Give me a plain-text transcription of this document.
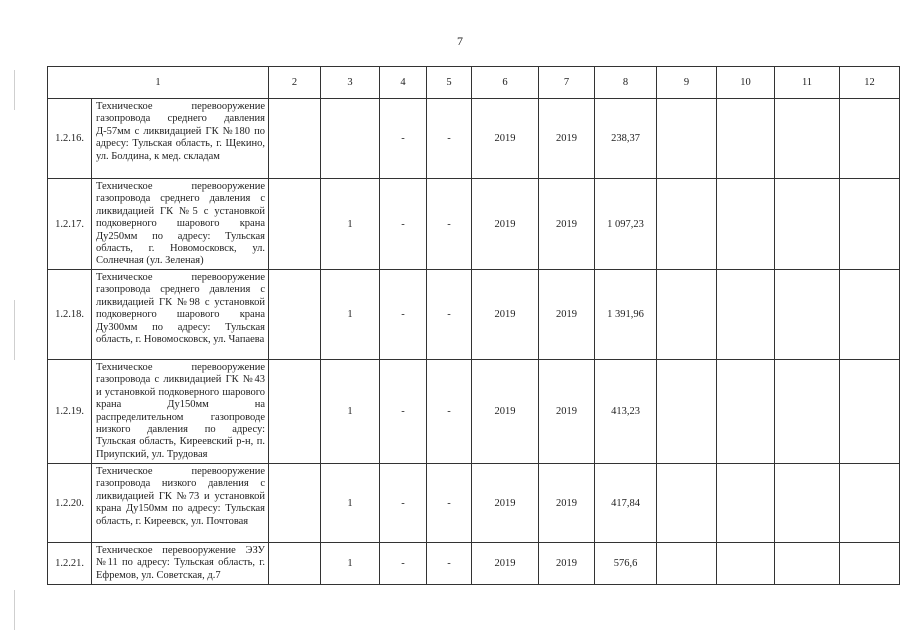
7
1		2	3	4	5	6	7	8	9	10	11	12
1.2.16.	Техническое перевооружение газопровода среднего давления Д-57мм с ликвидацией ГК №180 по адресу: Тульская область, г. Щекино, ул. Болдина, к мед. складам			-	-	2019	2019	238,37				
1.2.17.	Техническое перевооружение газопровода среднего давления с ликвидацией ГК №5 с установкой подковерного шарового крана Ду250мм по адресу: Тульская область, г. Новомосковск, ул. Солнечная (ул. Зеленая)		1	-	-	2019	2019	1 097,23				
1.2.18.	Техническое перевооружение газопровода среднего давления с ликвидацией ГК №98 с установкой подковерного шарового крана Ду300мм по адресу: Тульская область, г. Новомосковск, ул. Чапаева		1	-	-	2019	2019	1 391,96				
1.2.19.	Техническое перевооружение газопровода с ликвидацией ГК №43 и установкой подковерного шарового крана Ду150мм на распределительном газопроводе низкого давления по адресу: Тульская область, Киреевский р-н, п. Приупский, ул. Трудовая		1	-	-	2019	2019	413,23				
1.2.20.	Техническое перевооружение газопровода низкого давления с ликвидацией ГК №73 и установкой крана Ду150мм по адресу: Тульская область, г. Киреевск, ул. Почтовая		1	-	-	2019	2019	417,84				
1.2.21.	Техническое перевооружение ЭЗУ №11 по адресу: Тульская область, г. Ефремов, ул. Советская, д.7		1	-	-	2019	2019	576,6				
